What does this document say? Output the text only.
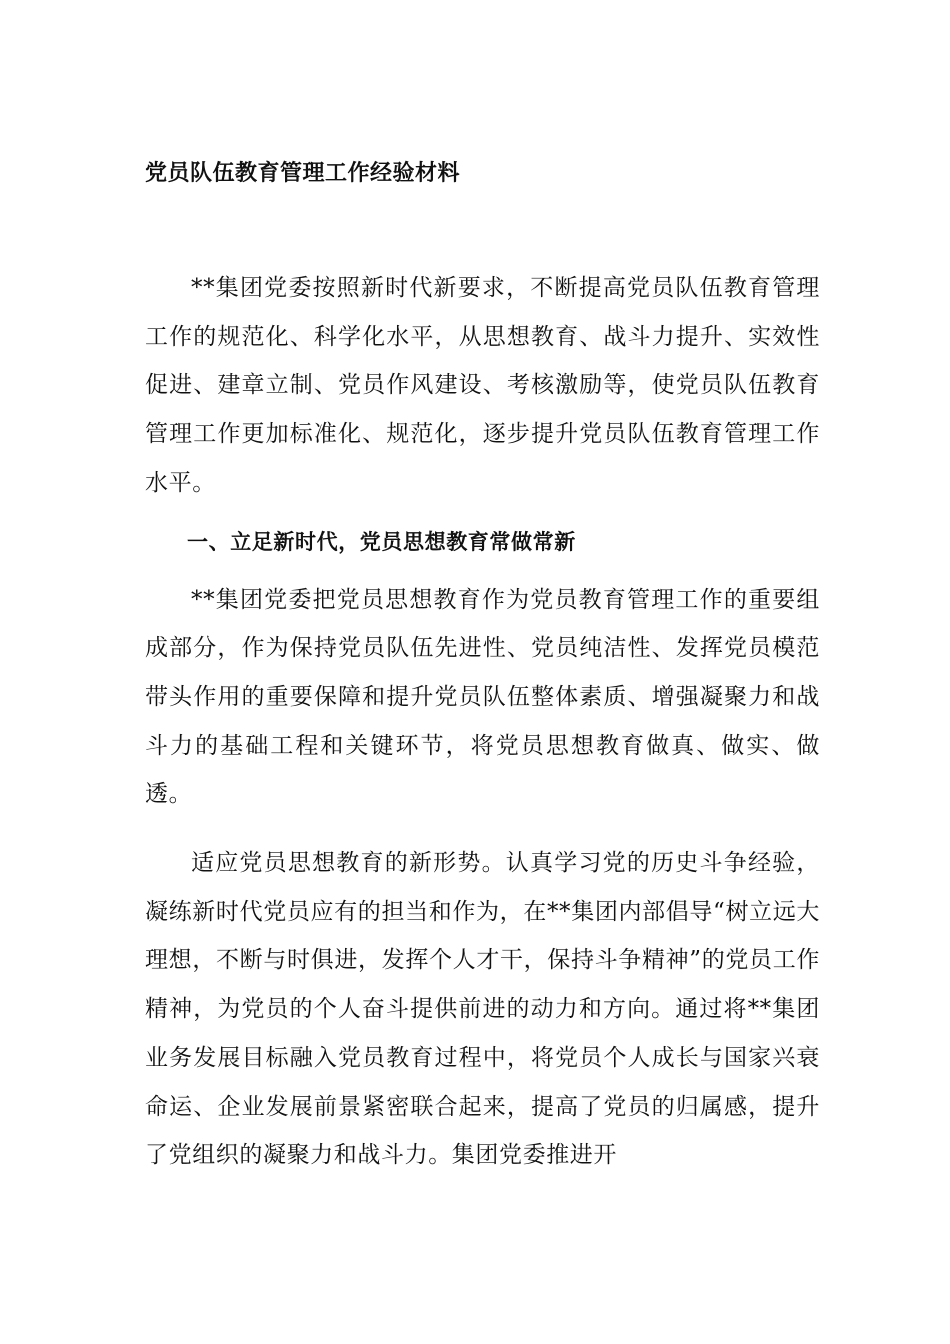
党员队伍教育管理工作经验材料

**集团党委按照新时代新要求，不断提高党员队伍教育管理工作的规范化、科学化水平，从思想教育、战斗力提升、实效性促进、建章立制、党员作风建设、考核激励等，使党员队伍教育管理工作更加标准化、规范化，逐步提升党员队伍教育管理工作水平。

一、立足新时代，党员思想教育常做常新

**集团党委把党员思想教育作为党员教育管理工作的重要组成部分，作为保持党员队伍先进性、党员纯洁性、发挥党员模范带头作用的重要保障和提升党员队伍整体素质、增强凝聚力和战斗力的基础工程和关键环节，将党员思想教育做真、做实、做透。

适应党员思想教育的新形势。认真学习党的历史斗争经验，凝练新时代党员应有的担当和作为，在**集团内部倡导“树立远大理想，不断与时俱进，发挥个人才干，保持斗争精神”的党员工作精神，为党员的个人奋斗提供前进的动力和方向。通过将**集团业务发展目标融入党员教育过程中，将党员个人成长与国家兴衰命运、企业发展前景紧密联合起来，提高了党员的归属感，提升了党组织的凝聚力和战斗力。集团党委推进开
